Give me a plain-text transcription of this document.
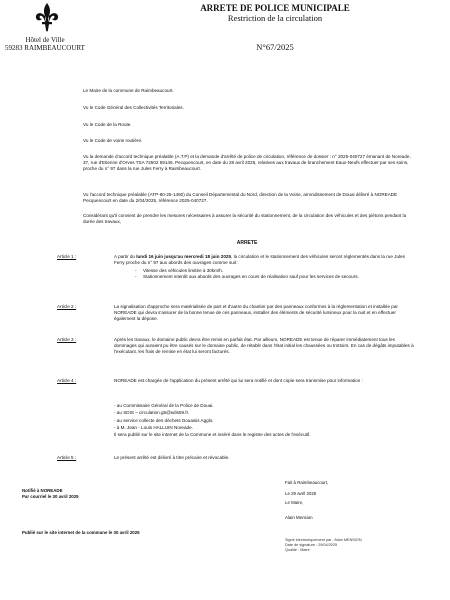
Hôtel de Ville
59283 RAIMBEAUCOURT
ARRETE DE POLICE MUNICIPALE
Restriction de la circulation
N°67/2025
Le Maire de la commune de Raimbeaucourt.
Vu le Code Général des Collectivités Territoriales.
Vu le Code de la Route.
Vu le Code de voirie routière.
Vu la demande d'accord technique préalable (A.T.P) et la demande d'arrêté de police de circulation, référence de dossier : n° 2025-040727 émanant de Noreade, 37, rue d'Etienne d'Orves TSA 72502 59146. Pecquencourt, en date du 28 avril 2025, relatives aux travaux de branchement Eaux-Neufs effectuer par ses soins, proche du n° 97 dans la rue Jules Ferry à Raimbeaucourt.
Vu l'accord technique préalable (ATP-80-25-1460) du Conseil Départemental du Nord, direction de la Voirie, arrondissement de Douai délivré à NOREADE Pecquencourt en date du 2/04/2025, référence 2025-040727.
Considérant qu'il convient de prendre les mesures nécessaires à assurer la sécurité du stationnement, de la circulation des véhicules et des piétons pendant la durée des travaux,
ARRETE
Article 1 :	A partir du lundi 16 juin jusqu'au mercredi 18 juin 2025, la circulation et le stationnement des véhicules seront réglementés dans la rue Jules Ferry proche du n° 97 aux abords des ouvrages comme suit :
- Vitesse des véhicules limitée à 30km/h.
- Stationnement interdit aux abords des ouvrages en cours de réalisation sauf pour les services de secours.
Article 2 :	La signalisation d'approche sera matérialisée de part et d'autre du chantier par des panneaux conformes à la réglementation et installée par NOREADE qui devra s'assurer de la bonne tenue de ces panneaux, installer des éléments de sécurité lumineux pour la nuit et en effectuer également la dépose.
Article 3 :	Après les travaux, le domaine public devra être remis en parfait état. Par ailleurs, NOREADE est tenue de réparer immédiatement tous les dommages qui auraient pu être causés sur le domaine public, de rétablir dans l'état initial les chaussées ou trottoirs. En cas de dégâts imputables à l'exécutant, les frais de remise en état lui seront facturés.
Article 4 :	NOREADE est chargée de l'application du présent arrêté qui lui sera notifié et dont copie sera transmise pour information :
- au Commissaire Général de la Police de Douai.
- au SDIS – circulation.g5@sdis59.fr.
- au service collecte des déchets Douaisis Agglo.
- à M. Jean - Louis HALLUIN Noreade.
Il sera publié sur le site internet de la Commune et inséré dans le registre des actes de l'exécutif.
Article 5 :	Le présent arrêté est délivré à titre précaire et révocable.
Fait à Raimbeaucourt,
Le 29 avril 2025
Le Maire,
Alain Mension
Notifié à NOREADE
Par courriel le 30 avril 2025
Publié sur le site internet de la commune le 30 avril 2025
Signé électroniquement par : Alain MENSION
Date de signature : 29/04/2025
Qualité : Maire
